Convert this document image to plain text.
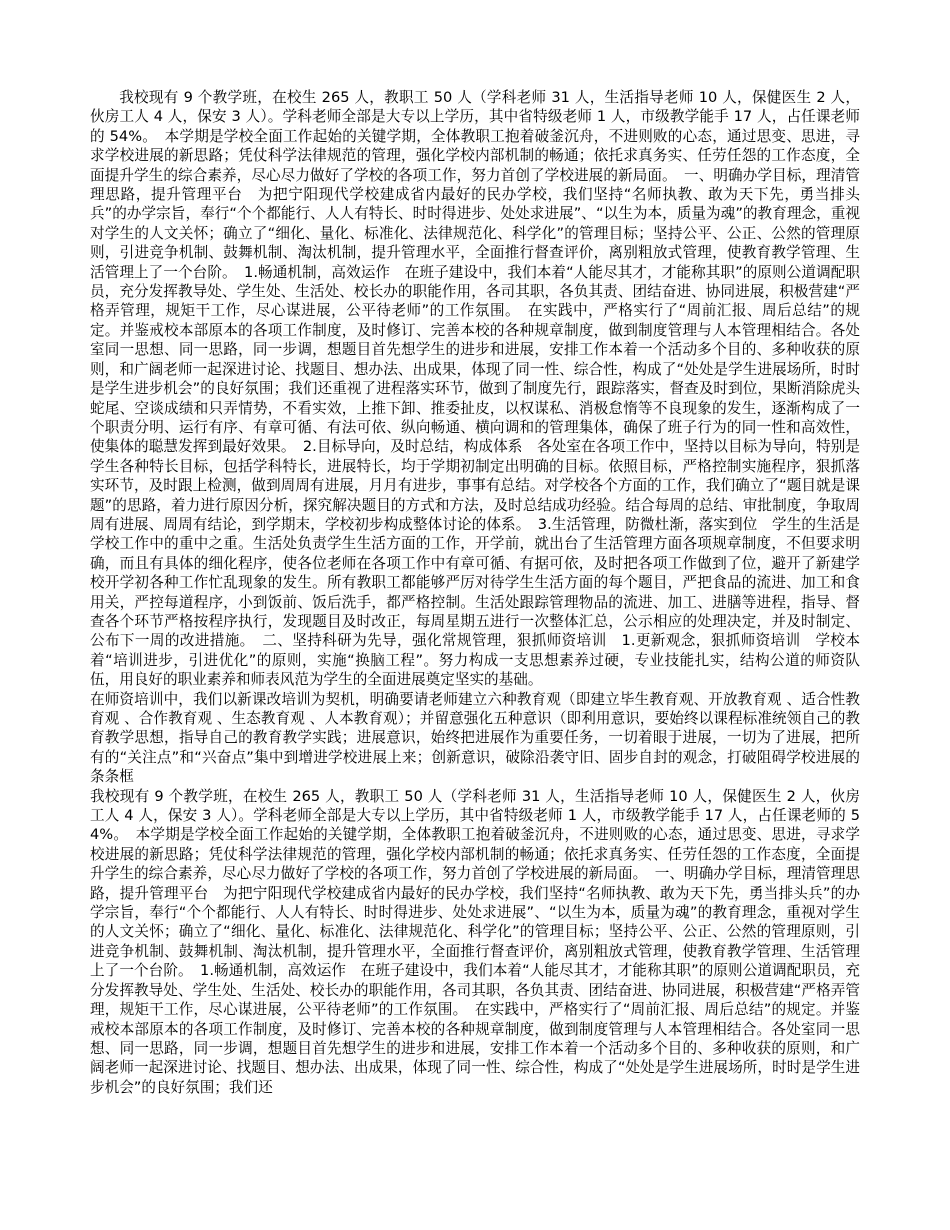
我校现有 9 个教学班，在校生 265 人，教职工 50 人（学科老师 31 人，生活指导老师 10 人，保健医生 2 人，伙房工人 4 人，保安 3 人）。学科老师全部是大专以上学历，其中省特级老师 1 人，市级教学能手 17 人，占任课老师的 54%。　本学期是学校全面工作起始的关键学期，全体教职工抱着破釜沉舟，不进则败的心态，通过思变、思进，寻求学校进展的新思路；凭仗科学法律规范的管理，强化学校内部机制的畅通；依托求真务实、任劳任怨的工作态度，全面提升学生的综合素养，尽心尽力做好了学校的各项工作，努力首创了学校进展的新局面。　一、明确办学目标，理清管理思路，提升管理平台　为把宁阳现代学校建成省内最好的民办学校，我们坚持“名师执教、敢为天下先，勇当排头兵”的办学宗旨，奉行“个个都能行、人人有特长、时时得进步、处处求进展”、“以生为本，质量为魂”的教育理念，重视对学生的人文关怀；确立了“细化、量化、标准化、法律规范化、科学化”的管理目标；坚持公平、公正、公然的管理原则，引进竞争机制、鼓舞机制、淘汰机制，提升管理水平，全面推行督查评价，离别粗放式管理，使教育教学管理、生活管理上了一个台阶。　1.畅通机制，高效运作　在班子建设中，我们本着“人能尽其才，才能称其职”的原则公道调配职员，充分发挥教导处、学生处、生活处、校长办的职能作用，各司其职，各负其责、团结奋进、协同进展，积极营建“严格弄管理，规矩干工作，尽心谋进展，公平待老师”的工作氛围。　在实践中，严格实行了“周前汇报、周后总结”的规定。并鉴戒校本部原本的各项工作制度，及时修订、完善本校的各种规章制度，做到制度管理与人本管理相结合。各处室同一思想、同一思路，同一步调，想题目首先想学生的进步和进展，安排工作本着一个活动多个目的、多种收获的原则，和广阔老师一起深进讨论、找题目、想办法、出成果，体现了同一性、综合性，构成了“处处是学生进展场所，时时是学生进步机会”的良好氛围；我们还重视了进程落实环节，做到了制度先行，跟踪落实，督查及时到位，果断消除虎头蛇尾、空谈成绩和只弄情势，不看实效，上推下卸、推委扯皮，以权谋私、消极怠惰等不良现象的发生，逐渐构成了一个职责分明、运行有序、有章可循、有法可依、纵向畅通、横向调和的管理集体，确保了班子行为的同一性和高效性，使集体的聪慧发挥到最好效果。　2.目标导向，及时总结，构成体系　各处室在各项工作中，坚持以目标为导向，特别是学生各种特长目标，包括学科特长，进展特长，均于学期初制定出明确的目标。依照目标，严格控制实施程序，狠抓落实环节，及时跟上检测，做到周周有进展，月月有进步，事事有总结。对学校各个方面的工作，我们确立了“题目就是课题”的思路，着力进行原因分析，探究解决题目的方式和方法，及时总结成功经验。结合每周的总结、审批制度，争取周周有进展、周周有结论，到学期末，学校初步构成整体讨论的体系。　3.生活管理，防微杜渐，落实到位　学生的生活是学校工作中的重中之重。生活处负责学生生活方面的工作，开学前，就出台了生活管理方面各项规章制度，不但要求明确，而且有具体的细化程序，使各位老师在各项工作中有章可循、有据可依，及时把各项工作做到了位，避开了新建学校开学初各种工作忙乱现象的发生。所有教职工都能够严厉对待学生生活方面的每个题目，严把食品的流进、加工和食用关，严控每道程序，小到饭前、饭后洗手，都严格控制。生活处跟踪管理物品的流进、加工、进膳等进程，指导、督查各个环节严格按程序执行，发现题目及时改正，每周星期五进行一次整体汇总，公示相应的处理决定，并及时制定、公布下一周的改进措施。　二、坚持科研为先导，强化常规管理，狠抓师资培训　1.更新观念，狠抓师资培训　学校本着“培训进步，引进优化”的原则，实施“换脑工程”。努力构成一支思想素养过硬，专业技能扎实，结构公道的师资队伍，用良好的职业素养和师表风范为学生的全面进展奠定坚实的基础。

在师资培训中，我们以新课改培训为契机，明确要请老师建立六种教育观（即建立毕生教育观、开放教育观 、适合性教育观 、合作教育观 、生态教育观 、人本教育观）；并留意强化五种意识（即利用意识，要始终以课程标准统领自己的教育教学思想，指导自己的教育教学实践；进展意识，始终把进展作为重要任务，一切着眼于进展，一切为了进展，把所有的“关注点”和“兴奋点”集中到增进学校进展上来；创新意识，破除沿袭守旧、固步自封的观念，打破阻碍学校进展的条条框

我校现有 9 个教学班，在校生 265 人，教职工 50 人（学科老师 31 人，生活指导老师 10 人，保健医生 2 人，伙房工人 4 人，保安 3 人）。学科老师全部是大专以上学历，其中省特级老师 1 人，市级教学能手 17 人，占任课老师的 54%。　本学期是学校全面工作起始的关键学期，全体教职工抱着破釜沉舟，不进则败的心态，通过思变、思进，寻求学校进展的新思路；凭仗科学法律规范的管理，强化学校内部机制的畅通；依托求真务实、任劳任怨的工作态度，全面提升学生的综合素养，尽心尽力做好了学校的各项工作，努力首创了学校进展的新局面。　一、明确办学目标，理清管理思路，提升管理平台　为把宁阳现代学校建成省内最好的民办学校，我们坚持“名师执教、敢为天下先，勇当排头兵”的办学宗旨，奉行“个个都能行、人人有特长、时时得进步、处处求进展”、“以生为本，质量为魂”的教育理念，重视对学生的人文关怀；确立了“细化、量化、标准化、法律规范化、科学化”的管理目标；坚持公平、公正、公然的管理原则，引进竞争机制、鼓舞机制、淘汰机制，提升管理水平，全面推行督查评价，离别粗放式管理，使教育教学管理、生活管理上了一个台阶。　1.畅通机制，高效运作　在班子建设中，我们本着“人能尽其才，才能称其职”的原则公道调配职员，充分发挥教导处、学生处、生活处、校长办的职能作用，各司其职，各负其责、团结奋进、协同进展，积极营建“严格弄管理，规矩干工作，尽心谋进展，公平待老师”的工作氛围。　在实践中，严格实行了“周前汇报、周后总结”的规定。并鉴戒校本部原本的各项工作制度，及时修订、完善本校的各种规章制度，做到制度管理与人本管理相结合。各处室同一思想、同一思路，同一步调，想题目首先想学生的进步和进展，安排工作本着一个活动多个目的、多种收获的原则，和广阔老师一起深进讨论、找题目、想办法、出成果，体现了同一性、综合性，构成了“处处是学生进展场所，时时是学生进步机会”的良好氛围；我们还
